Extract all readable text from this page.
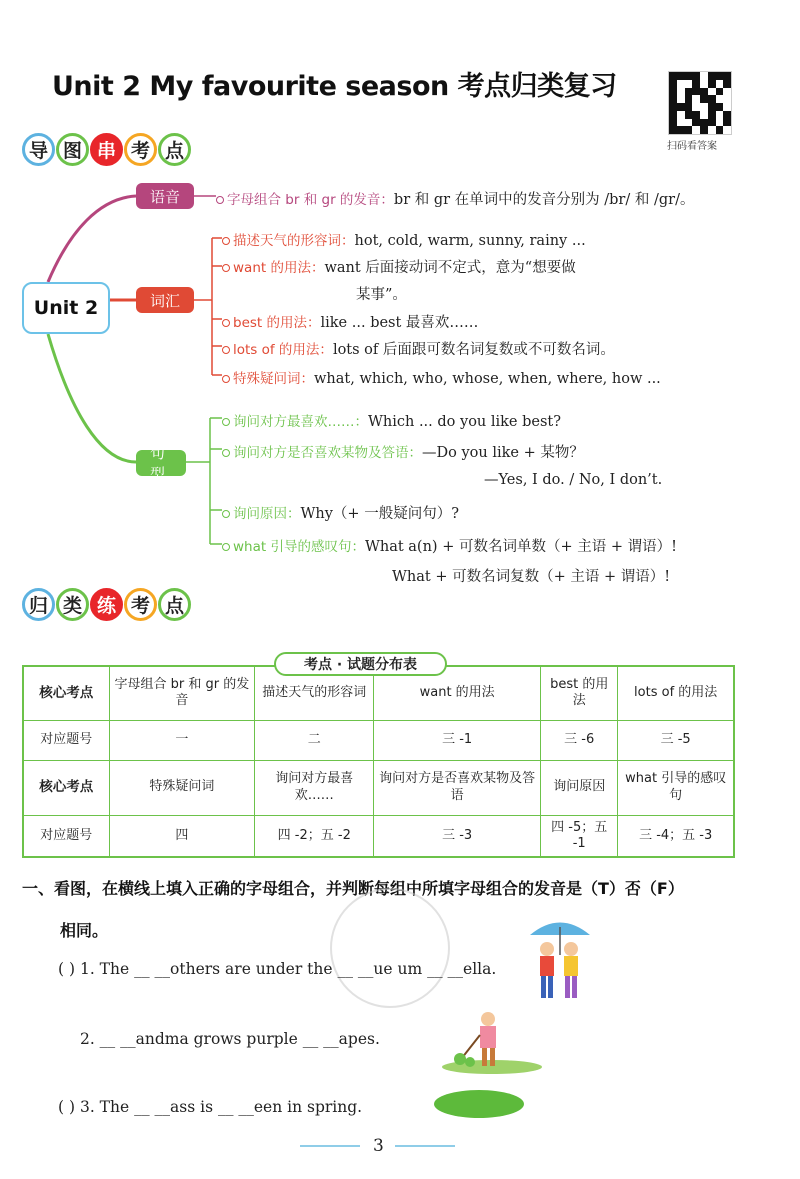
Unit 2 My favourite season 考点归类复习
扫码看答案
导 图 串 考 点
Unit 2
语音
词汇
句型
字母组合 br 和 gr 的发音：br 和 gr 在单词中的发音分别为 /br/ 和 /gr/。
描述天气的形容词：hot, cold, warm, sunny, rainy ...
want 的用法：want 后面接动词不定式，意为“想要做
某事”。
best 的用法：like ... best 最喜欢……
lots of 的用法：lots of 后面跟可数名词复数或不可数名词。
特殊疑问词：what, which, who, whose, when, where, how ...
询问对方最喜欢……：Which ... do you like best?
询问对方是否喜欢某物及答语：—Do you like + 某物？
—Yes, I do. / No, I don’t.
询问原因：Why（+ 一般疑问句）?
what 引导的感叹句：What a(n) + 可数名词单数（+ 主语 + 谓语）!
What + 可数名词复数（+ 主语 + 谓语）!
归 类 练 考 点
考点 · 试题分布表
核心考点	字母组合 br 和 gr 的发音	描述天气的形容词	want 的用法	best 的用法	lots of 的用法
对应题号	一	二	三 -1	三 -6	三 -5
核心考点	特殊疑问词	询问对方最喜欢……	询问对方是否喜欢某物及答语	询问原因	what 引导的感叹句
对应题号	四	四 -2；五 -2	三 -3	四 -5；五 -1	三 -4；五 -3
一、看图，在横线上填入正确的字母组合，并判断每组中所填字母组合的发音是（T）否（F）
相同。
( ) 1. The __ __others are under the __ __ue um __ __ella.
2. __ __andma grows purple __ __apes.
( ) 3. The __ __ass is __ __een in spring.
3
